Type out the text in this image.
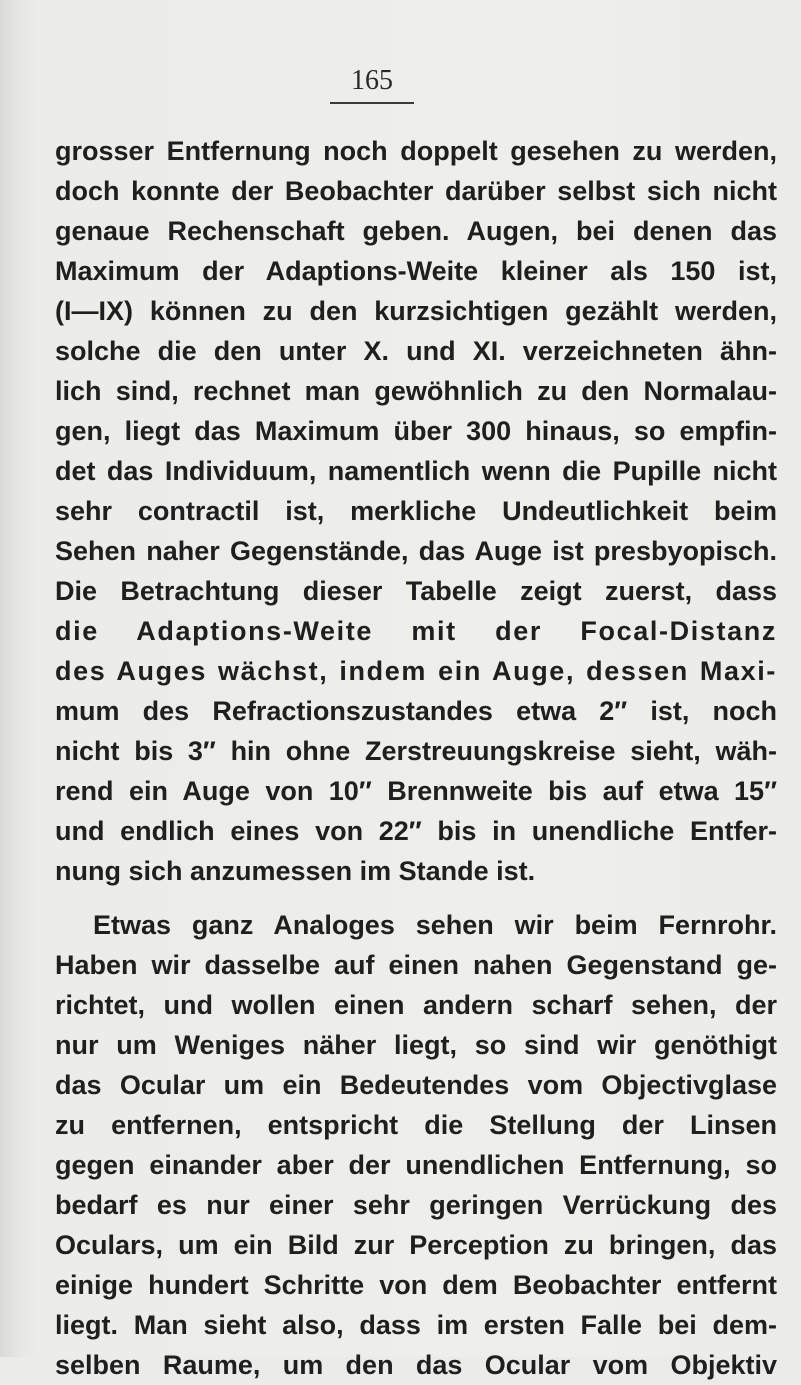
165
grosser Entfernung noch doppelt gesehen zu werden,
doch konnte der Beobachter darüber selbst sich nicht
genaue Rechenschaft geben. Augen, bei denen das
Maximum der Adaptions-Weite kleiner als 150 ist,
(I—IX) können zu den kurzsichtigen gezählt werden,
solche die den unter X. und XI. verzeichneten ähn-
lich sind, rechnet man gewöhnlich zu den Normalau-
gen, liegt das Maximum über 300 hinaus, so empfin-
det das Individuum, namentlich wenn die Pupille nicht
sehr contractil ist, merkliche Undeutlichkeit beim
Sehen naher Gegenstände, das Auge ist presbyopisch.
Die Betrachtung dieser Tabelle zeigt zuerst, dass
die Adaptions-Weite mit der Focal-Distanz
des Auges wächst, indem ein Auge, dessen Maxi-
mum des Refractionszustandes etwa 2″ ist, noch
nicht bis 3″ hin ohne Zerstreuungskreise sieht, wäh-
rend ein Auge von 10″ Brennweite bis auf etwa 15″
und endlich eines von 22″ bis in unendliche Entfer-
nung sich anzumessen im Stande ist.
Etwas ganz Analoges sehen wir beim Fernrohr.
Haben wir dasselbe auf einen nahen Gegenstand ge-
richtet, und wollen einen andern scharf sehen, der
nur um Weniges näher liegt, so sind wir genöthigt
das Ocular um ein Bedeutendes vom Objectivglase
zu entfernen, entspricht die Stellung der Linsen
gegen einander aber der unendlichen Entfernung, so
bedarf es nur einer sehr geringen Verrückung des
Oculars, um ein Bild zur Perception zu bringen, das
einige hundert Schritte von dem Beobachter entfernt
liegt. Man sieht also, dass im ersten Falle bei dem-
selben Raume, um den das Ocular vom Objektiv
